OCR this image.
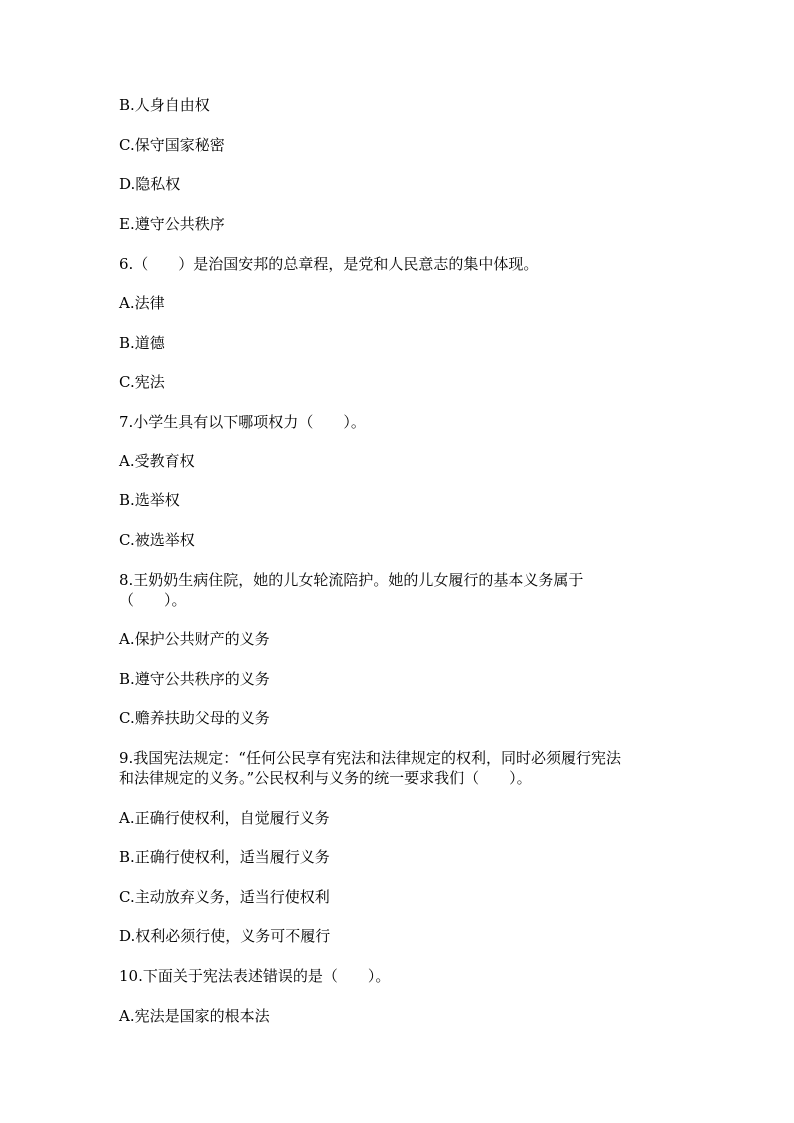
B.人身自由权
C.保守国家秘密
D.隐私权
E.遵守公共秩序
6.（　　）是治国安邦的总章程，是党和人民意志的集中体现。
A.法律
B.道德
C.宪法
7.小学生具有以下哪项权力（　　）。
A.受教育权
B.选举权
C.被选举权
8.王奶奶生病住院，她的儿女轮流陪护。她的儿女履行的基本义务属于
（　　）。
A.保护公共财产的义务
B.遵守公共秩序的义务
C.赡养扶助父母的义务
9.我国宪法规定：“任何公民享有宪法和法律规定的权利，同时必须履行宪法
和法律规定的义务。”公民权利与义务的统一要求我们（　　）。
A.正确行使权利，自觉履行义务
B.正确行使权利，适当履行义务
C.主动放弃义务，适当行使权利
D.权利必须行使，义务可不履行
10.下面关于宪法表述错误的是（　　）。
A.宪法是国家的根本法
